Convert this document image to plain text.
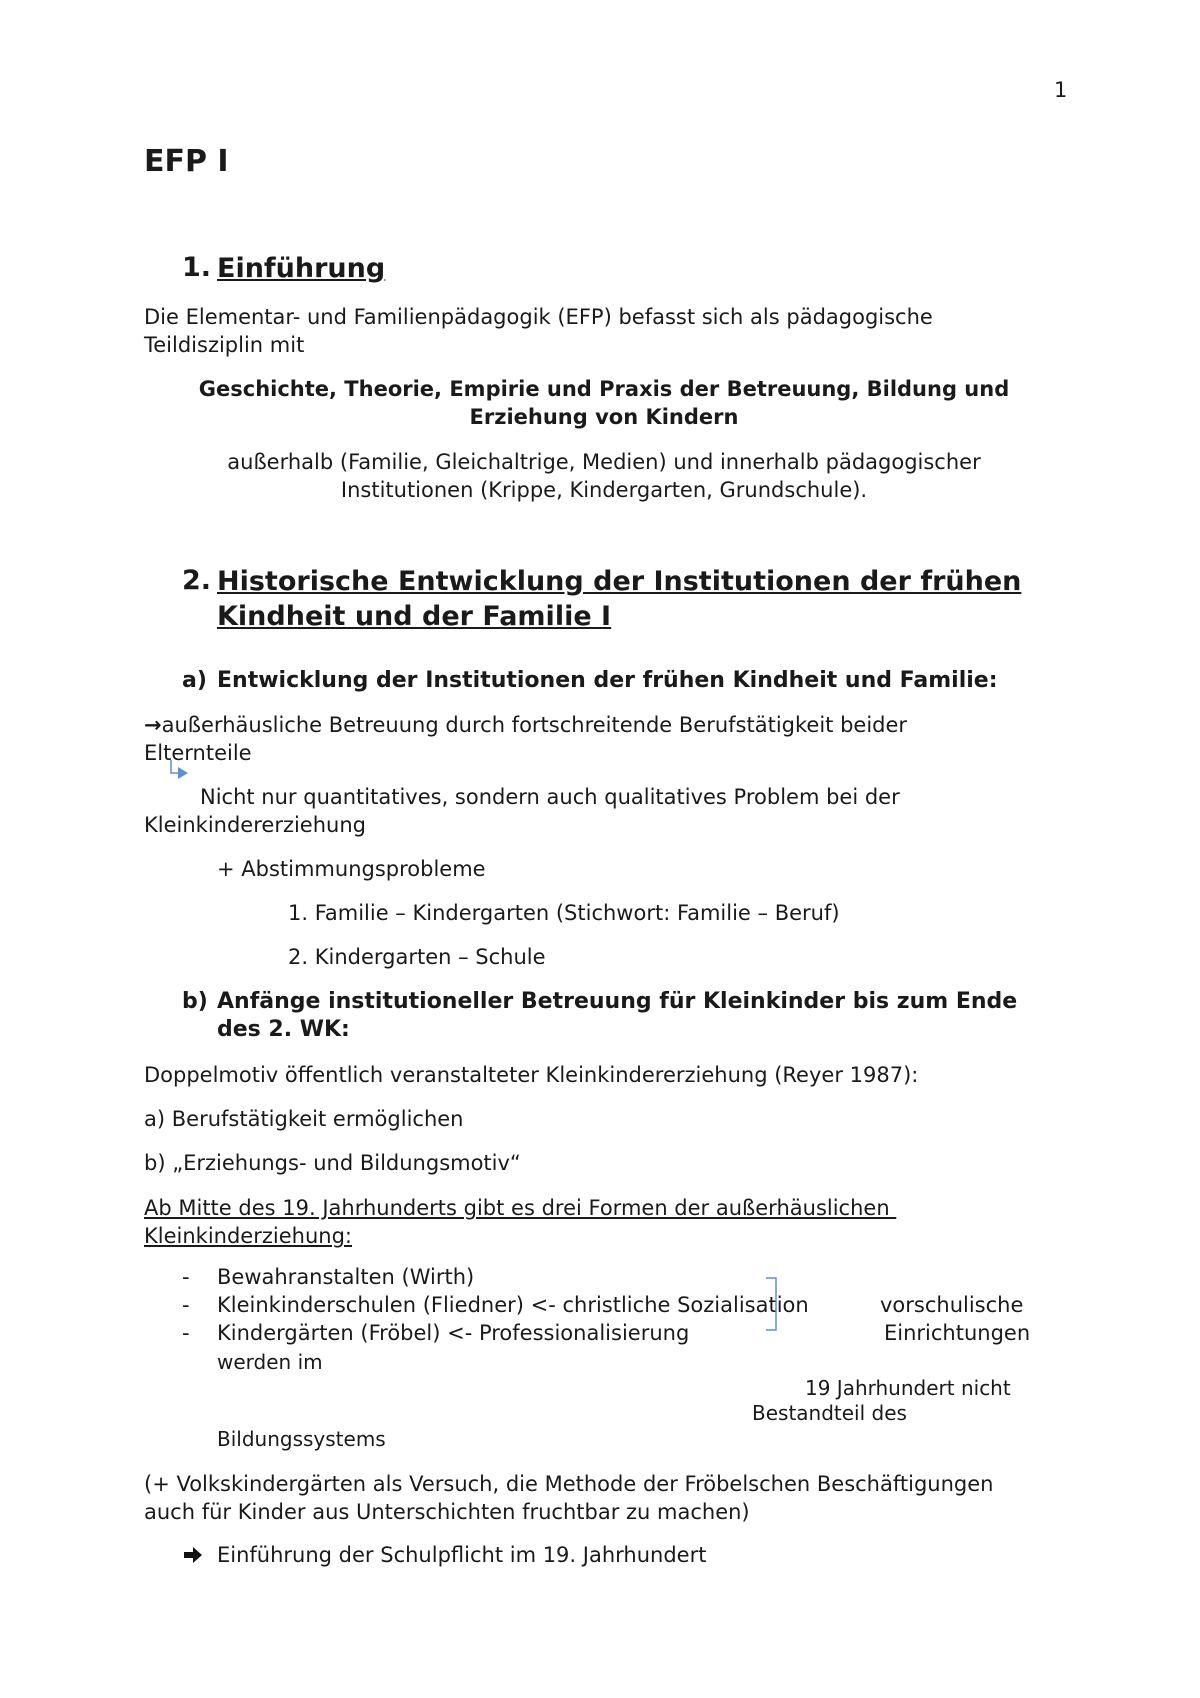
1
EFP I
1. Einführung
Die Elementar- und Familienpädagogik (EFP) befasst sich als pädagogische
Teildisziplin mit
Geschichte, Theorie, Empirie und Praxis der Betreuung, Bildung und
Erziehung von Kindern
außerhalb (Familie, Gleichaltrige, Medien) und innerhalb pädagogischer
Institutionen (Krippe, Kindergarten, Grundschule).
2. Historische Entwicklung der Institutionen der frühen
Kindheit und der Familie I
a) Entwicklung der Institutionen der frühen Kindheit und Familie:
→außerhäusliche Betreuung durch fortschreitende Berufstätigkeit beider
Elternteile
Nicht nur quantitatives, sondern auch qualitatives Problem bei der
Kleinkindererziehung
+ Abstimmungsprobleme
1. Familie – Kindergarten (Stichwort: Familie – Beruf)
2. Kindergarten – Schule
b) Anfänge institutioneller Betreuung für Kleinkinder bis zum Ende
des 2. WK:
Doppelmotiv öffentlich veranstalteter Kleinkindererziehung (Reyer 1987):
a) Berufstätigkeit ermöglichen
b) „Erziehungs- und Bildungsmotiv“
Ab Mitte des 19. Jahrhunderts gibt es drei Formen der außerhäuslichen
Kleinkinderziehung:
- Bewahranstalten (Wirth)
- Kleinkinderschulen (Fliedner) <- christliche Sozialisation
- Kindergärten (Fröbel) <- Professionalisierung
vorschulische
Einrichtungen
werden im
19 Jahrhundert nicht
Bestandteil des
Bildungssystems
(+ Volkskindergärten als Versuch, die Methode der Fröbelschen Beschäftigungen
auch für Kinder aus Unterschichten fruchtbar zu machen)
Einführung der Schulpflicht im 19. Jahrhundert
